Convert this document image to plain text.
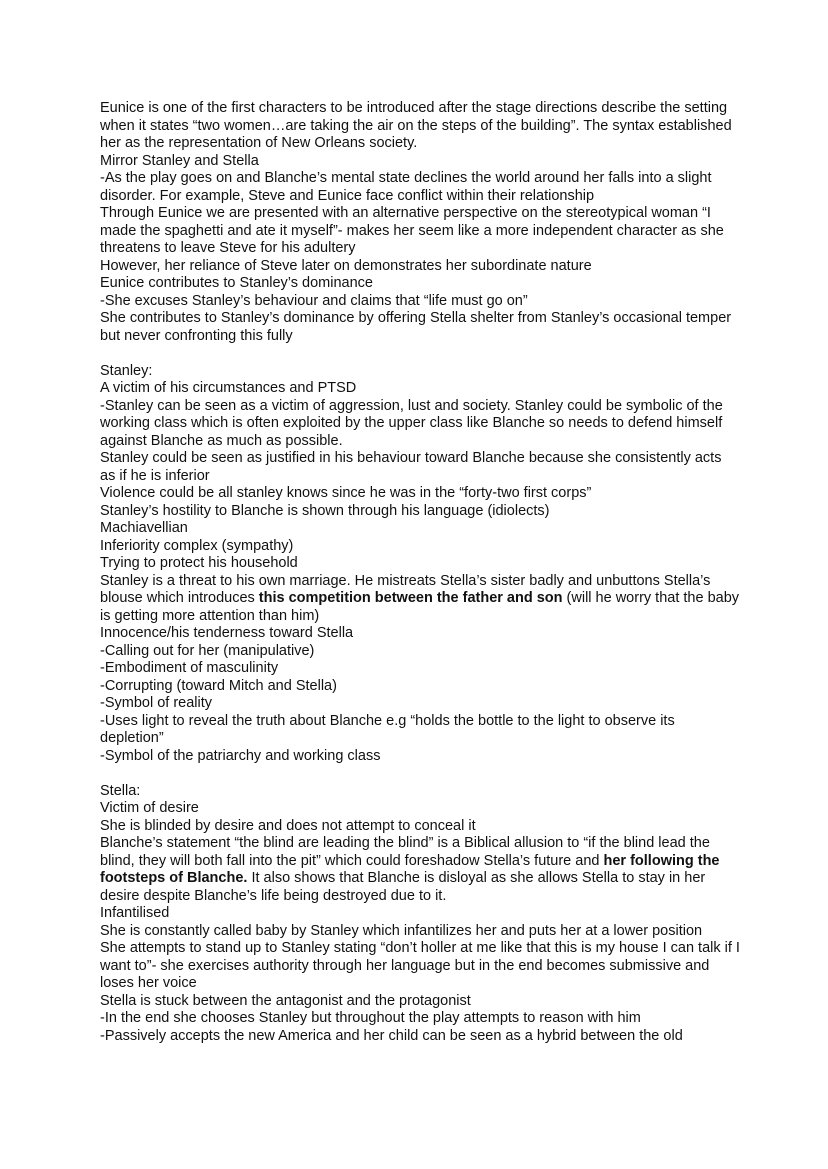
Eunice is one of the first characters to be introduced after the stage directions describe the setting when it states “two women…are taking the air on the steps of the building”. The syntax established her as the representation of New Orleans society.

Mirror Stanley and Stella

-As the play goes on and Blanche’s mental state declines the world around her falls into a slight disorder. For example, Steve and Eunice face conflict within their relationship

Through Eunice we are presented with an alternative perspective on the stereotypical woman “I made the spaghetti and ate it myself”- makes her seem like a more independent character as she threatens to leave Steve for his adultery

However, her reliance of Steve later on demonstrates her subordinate nature

Eunice contributes to Stanley’s dominance

-She excuses Stanley’s behaviour and claims that “life must go on”

She contributes to Stanley’s dominance by offering Stella shelter from Stanley’s occasional temper but never confronting this fully

Stanley:

A victim of his circumstances and PTSD

-Stanley can be seen as a victim of aggression, lust and society. Stanley could be symbolic of the working class which is often exploited by the upper class like Blanche so needs to defend himself against Blanche as much as possible.

Stanley could be seen as justified in his behaviour toward Blanche because she consistently acts as if he is inferior

Violence could be all stanley knows since he was in the “forty-two first corps”

Stanley’s hostility to Blanche is shown through his language (idiolects)

Machiavellian

Inferiority complex (sympathy)

Trying to protect his household

Stanley is a threat to his own marriage. He mistreats Stella’s sister badly and unbuttons Stella’s blouse which introduces this competition between the father and son (will he worry that the baby is getting more attention than him)

Innocence/his tenderness toward Stella

-Calling out for her (manipulative)

-Embodiment of masculinity

-Corrupting (toward Mitch and Stella)

-Symbol of reality

-Uses light to reveal the truth about Blanche e.g “holds the bottle to the light to observe its depletion”

-Symbol of the patriarchy and working class

Stella:

Victim of desire

She is blinded by desire and does not attempt to conceal it

Blanche’s statement “the blind are leading the blind” is a Biblical allusion to “if the blind lead the blind, they will both fall into the pit” which could foreshadow Stella’s future and her following the footsteps of Blanche. It also shows that Blanche is disloyal as she allows Stella to stay in her desire despite Blanche’s life being destroyed due to it.

Infantilised

She is constantly called baby by Stanley which infantilizes her and puts her at a lower position

She attempts to stand up to Stanley stating “don’t holler at me like that this is my house I can talk if I want to”- she exercises authority through her language but in the end becomes submissive and loses her voice

Stella is stuck between the antagonist and the protagonist

-In the end she chooses Stanley but throughout the play attempts to reason with him

-Passively accepts the new America and her child can be seen as a hybrid between the old
